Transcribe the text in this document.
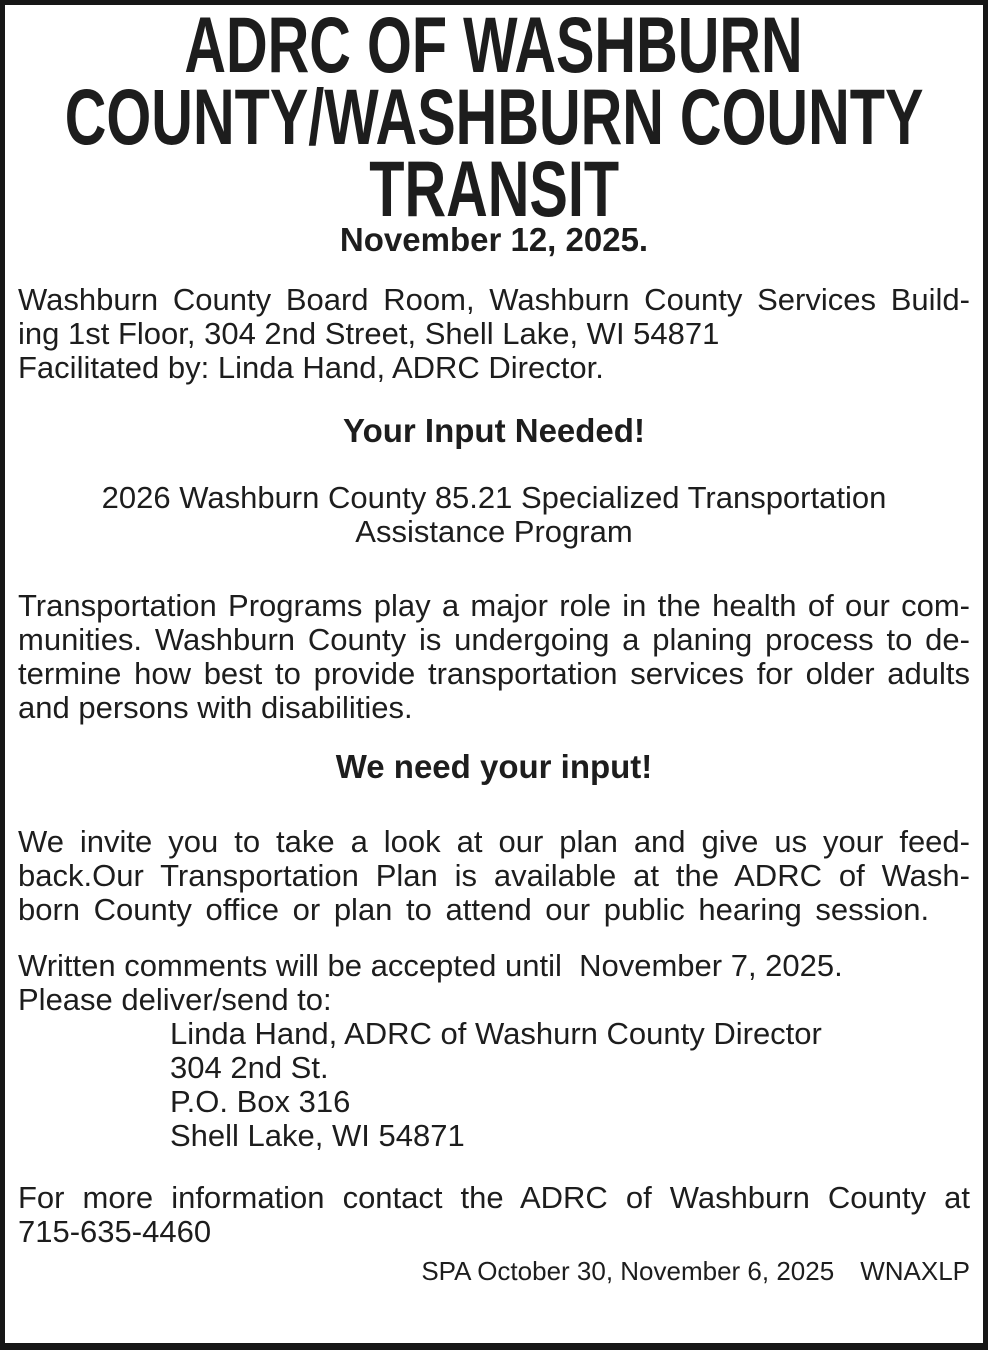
ADRC OF WASHBURN
COUNTY/WASHBURN COUNTY
TRANSIT
November 12, 2025.
Washburn County Board Room, Washburn County Services Build-
ing 1st Floor, 304 2nd Street, Shell Lake, WI 54871
Facilitated by: Linda Hand, ADRC Director.
Your Input Needed!
2026 Washburn County 85.21 Specialized Transportation
Assistance Program
Transportation Programs play a major role in the health of our com-
munities. Washburn County is undergoing a planing process to de-
termine how best to provide transportation services for older adults
and persons with disabilities.
We need your input!
We invite you to take a look at our plan and give us your feed-
back.Our Transportation Plan is available at the ADRC of Wash-
born County office or plan to attend our public hearing session.
Written comments will be accepted until  November 7, 2025.
Please deliver/send to:
Linda Hand, ADRC of Washurn County Director
304 2nd St.
P.O. Box 316
Shell Lake, WI 54871
For more information contact the ADRC of Washburn County at
715-635-4460
SPA October 30, November 6, 2025 WNAXLP
